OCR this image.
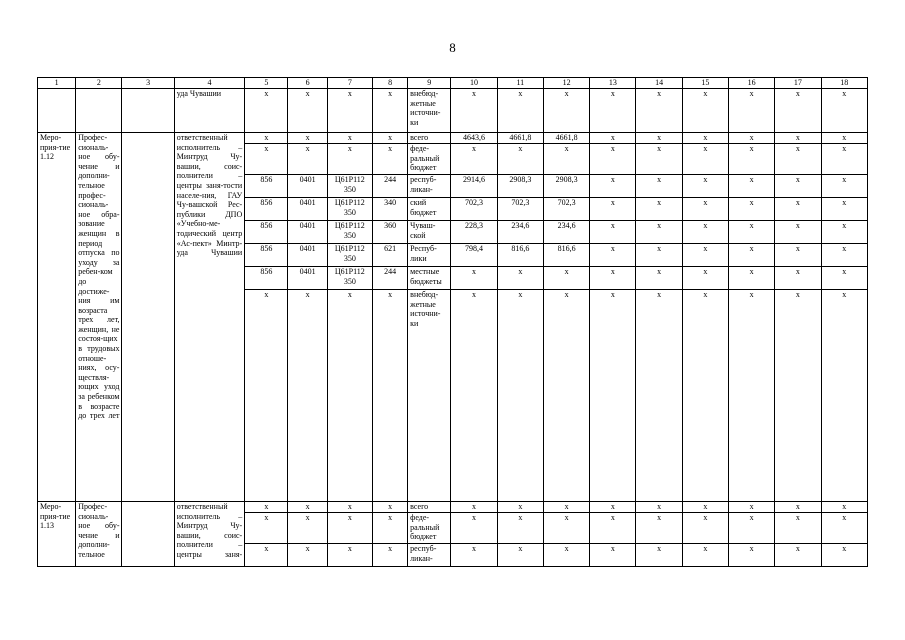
8
1	2	3	4	5	6	7	8	9	10	11	12	13	14	15	16	17	18
			уда Чувашии	х	х	х	х	внебюд-жетные источни-ки	х	х	х	х	х	х	х	х	х
Меро-прия-тие 1.12	Профес-сиональ-ное обу-чение и дополни-тельное профес-сиональ-ное обра-зование женщин в период отпуска по уходу за ребен-ком до достиже-ния им возраста трех лет, женщин, не состоя-щих в трудовых отноше-ниях, осу-ществля-ющих уход за ребенком в возрасте до трех лет		ответственный исполнитель – Минтруд Чу-вашии, соис-полнители – центры заня-тости населе-ния, ГАУ Чу-вашской Рес-публики ДПО «Учебно-ме-тодический центр «Ас-пект» Минтр-уда Чувашии	х	х	х	х	всего	4643,6	4661,8	4661,8	х	х	х	х	х	х
				х	х	х	х	феде-ральный бюджет	х	х	х	х	х	х	х	х	х
				856	0401	Ц61Р112 350	244	респуб-ликан-	2914,6	2908,3	2908,3	х	х	х	х	х	х
				856	0401	Ц61Р112 350	340	ский бюджет	702,3	702,3	702,3	х	х	х	х	х	х
				856	0401	Ц61Р112 350	360	Чуваш-ской	228,3	234,6	234,6	х	х	х	х	х	х
				856	0401	Ц61Р112 350	621	Респуб-лики	798,4	816,6	816,6	х	х	х	х	х	х
				856	0401	Ц61Р112 350	244	местные бюджеты	х	х	х	х	х	х	х	х	х
				х	х	х	х	внебюд-жетные источни-ки	х	х	х	х	х	х	х	х	х
Меро-прия-тие 1.13	Профес-сиональ-ное обу-чение и дополни-тельное		ответственный исполнитель – Минтруд Чу-вашии, соис-полнители – центры заня-	х	х	х	х	всего	х	х	х	х	х	х	х	х	х
				х	х	х	х	феде-ральный бюджет	х	х	х	х	х	х	х	х	х
				х	х	х	х	респуб-ликан-	х	х	х	х	х	х	х	х	х
